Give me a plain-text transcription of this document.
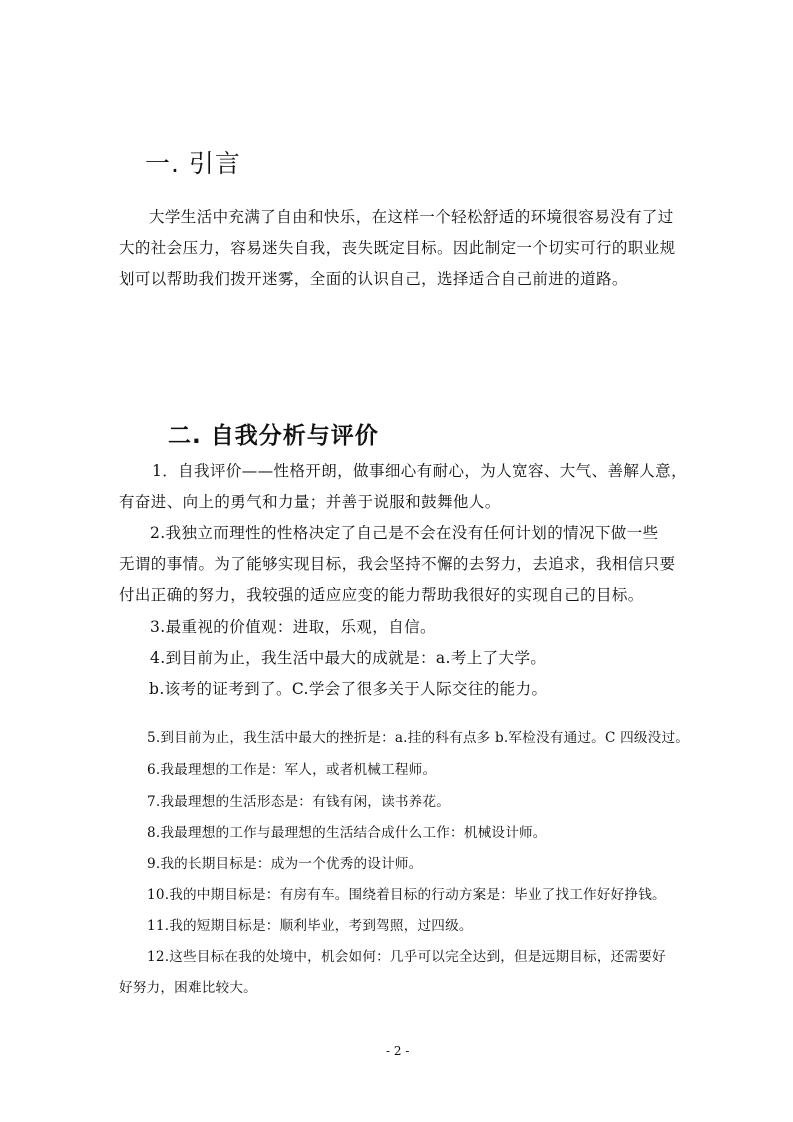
一. 引言
大学生活中充满了自由和快乐，在这样一个轻松舒适的环境很容易没有了过
大的社会压力，容易迷失自我，丧失既定目标。因此制定一个切实可行的职业规
划可以帮助我们拨开迷雾，全面的认识自己，选择适合自己前进的道路。
二. 自我分析与评价
1．自我评价——性格开朗，做事细心有耐心，为人宽容、大气、善解人意，
有奋进、向上的勇气和力量；并善于说服和鼓舞他人。
2.我独立而理性的性格决定了自己是不会在没有任何计划的情况下做一些
无谓的事情。为了能够实现目标，我会坚持不懈的去努力，去追求，我相信只要
付出正确的努力，我较强的适应应变的能力帮助我很好的实现自己的目标。
3.最重视的价值观：进取，乐观，自信。
4.到目前为止，我生活中最大的成就是：a.考上了大学。
b.该考的证考到了。C.学会了很多关于人际交往的能力。
5.到目前为止，我生活中最大的挫折是：a.挂的科有点多 b.军检没有通过。C 四级没过。
6.我最理想的工作是：军人，或者机械工程师。
7.我最理想的生活形态是：有钱有闲，读书养花。
8.我最理想的工作与最理想的生活结合成什么工作：机械设计师。
9.我的长期目标是：成为一个优秀的设计师。
10.我的中期目标是：有房有车。围绕着目标的行动方案是：毕业了找工作好好挣钱。
11.我的短期目标是：顺利毕业，考到驾照，过四级。
12.这些目标在我的处境中，机会如何：几乎可以完全达到，但是远期目标，还需要好
好努力，困难比较大。
- 2 -
